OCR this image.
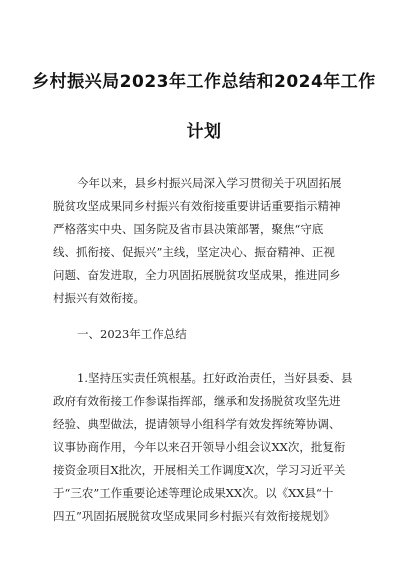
乡村振兴局2023年工作总结和2024年工作
计划
今年以来，县乡村振兴局深入学习贯彻关于巩固拓展
脱贫攻坚成果同乡村振兴有效衔接重要讲话重要指示精神
严格落实中央、国务院及省市县决策部署，聚焦“守底
线、抓衔接、促振兴”主线，坚定决心、振奋精神、正视
问题、奋发进取，全力巩固拓展脱贫攻坚成果，推进同乡
村振兴有效衔接。
一、2023年工作总结
1.坚持压实责任筑根基。扛好政治责任，当好县委、县
政府有效衔接工作参谋指挥部，继承和发扬脱贫攻坚先进
经验、典型做法，提请领导小组科学有效发挥统筹协调、
议事协商作用，今年以来召开领导小组会议XX次，批复衔
接资金项目X批次，开展相关工作调度X次，学习习近平关
于“三农”工作重要论述等理论成果XX次。以《XX县“十
四五”巩固拓展脱贫攻坚成果同乡村振兴有效衔接规划》
